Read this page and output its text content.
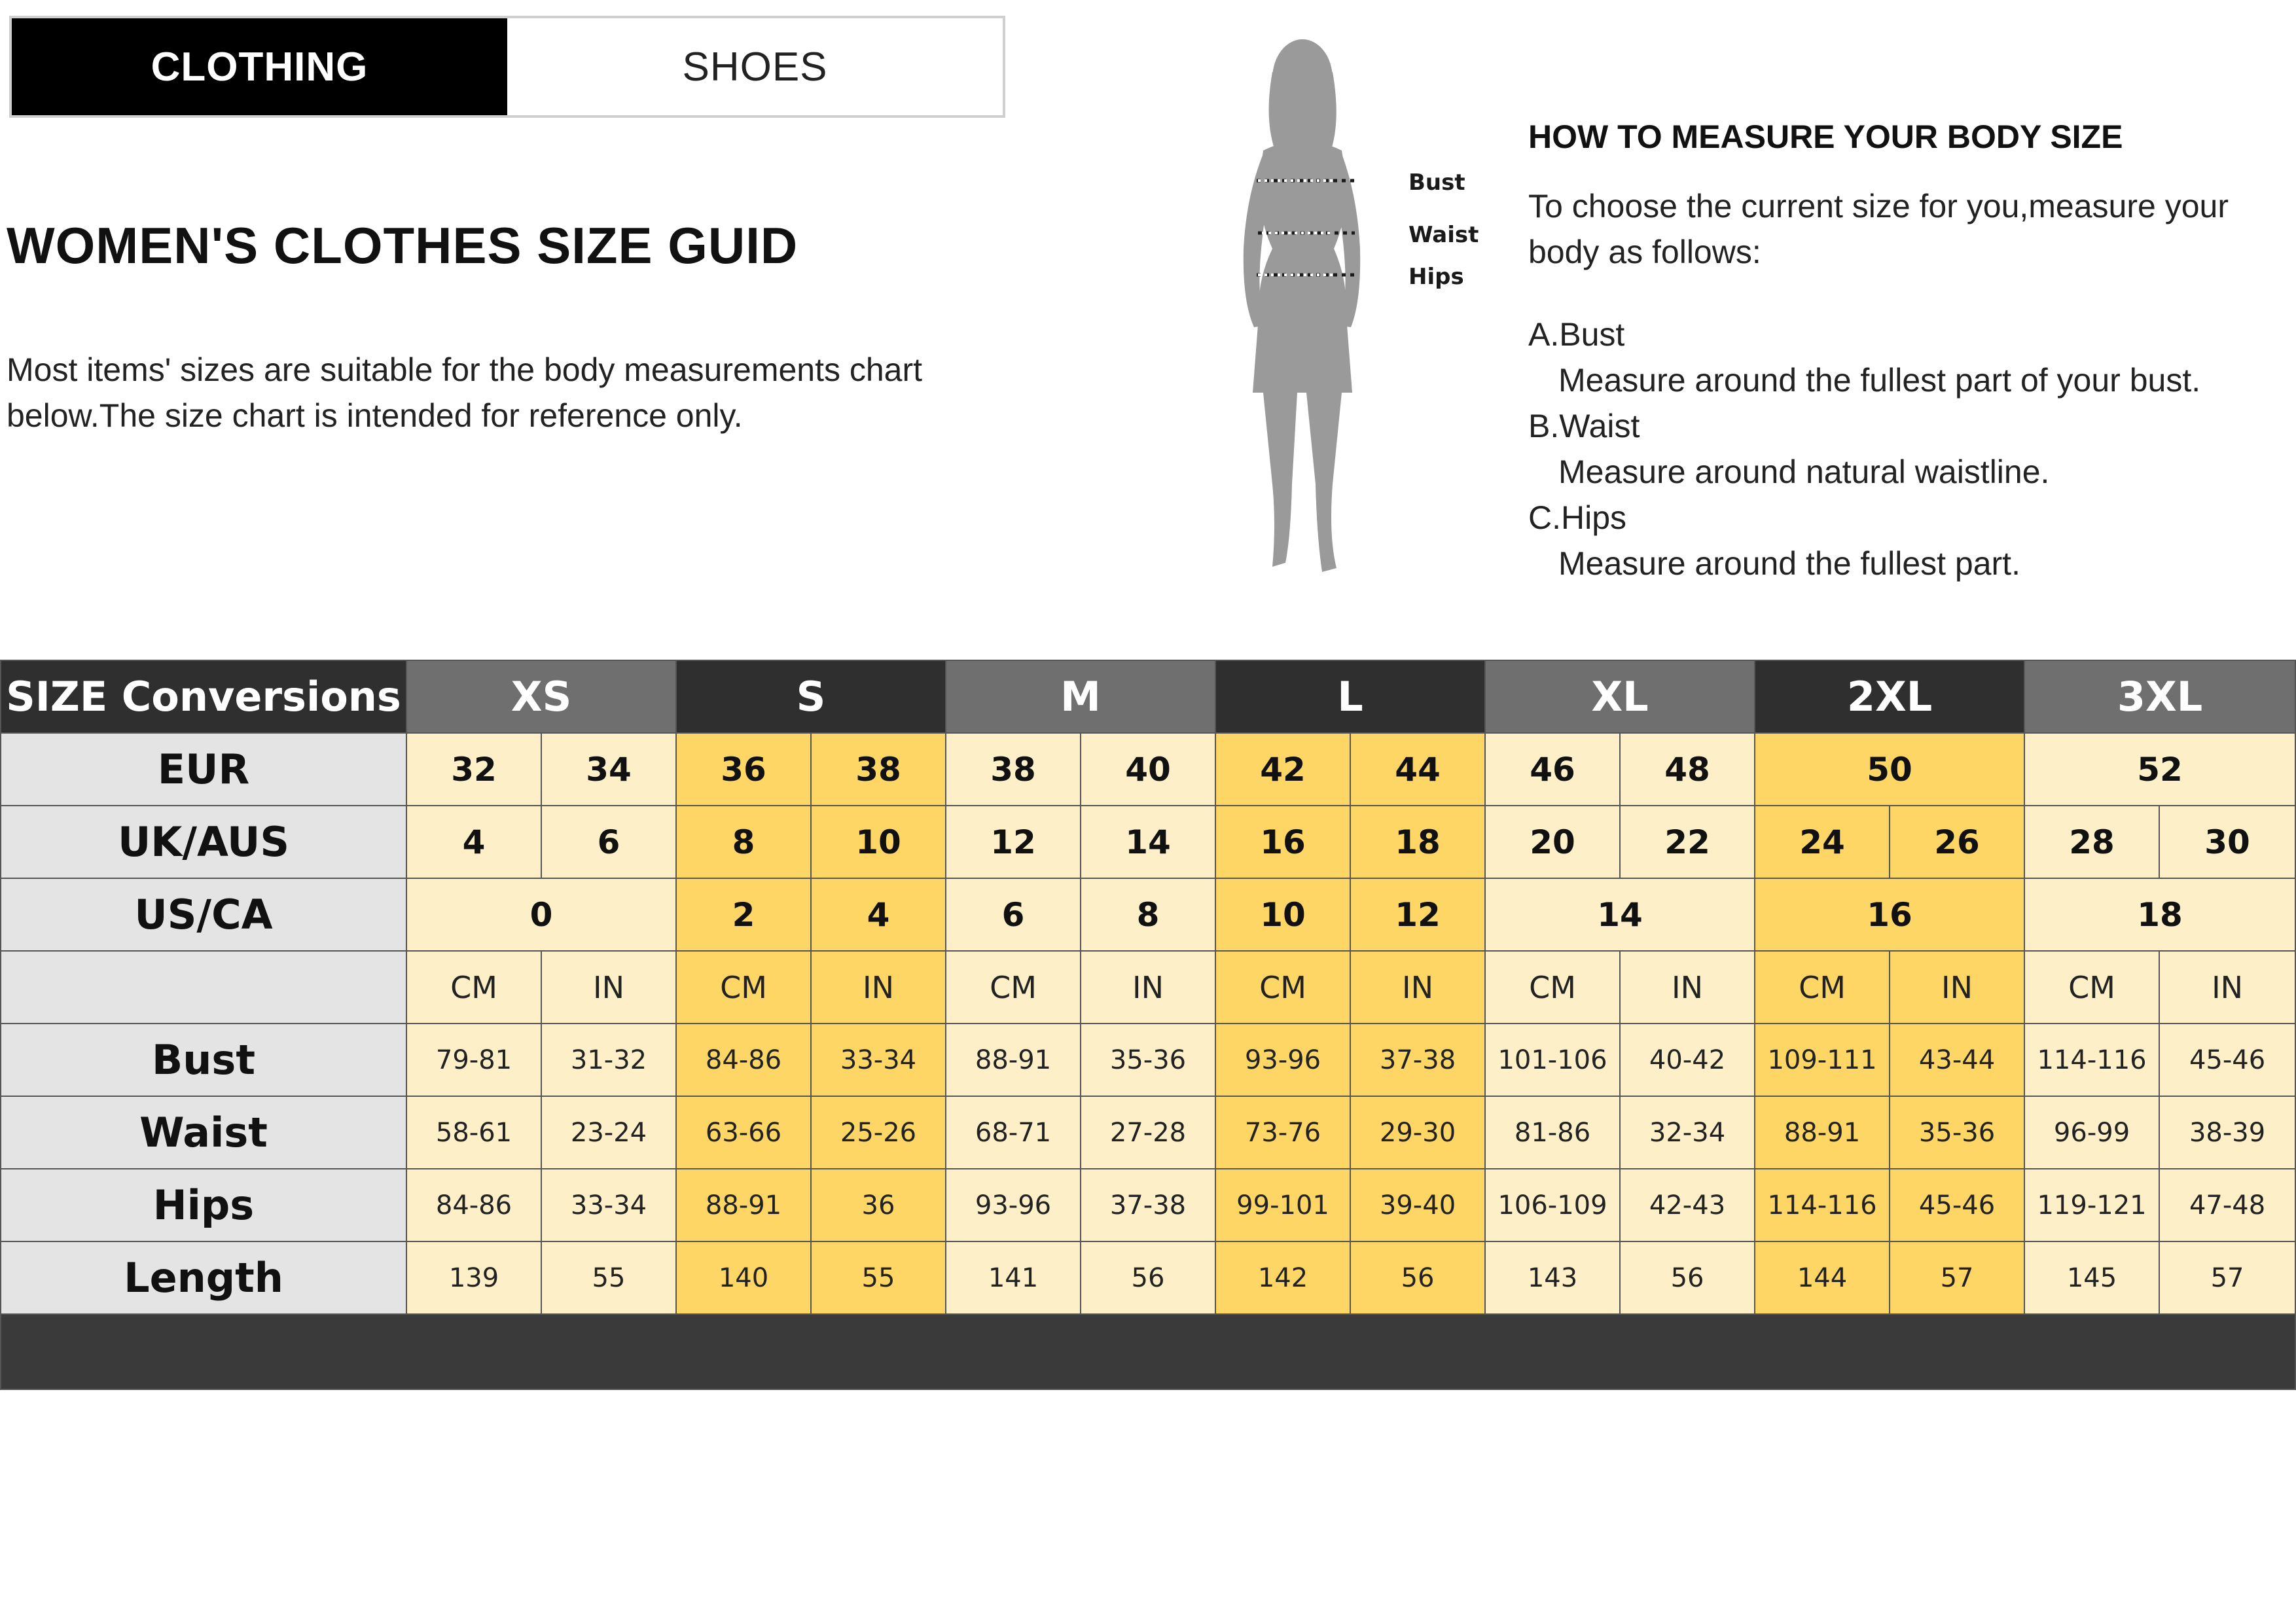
CLOTHING	SHOES
WOMEN'S CLOTHES SIZE GUID
Most items' sizes are suitable for the body measurements chart below.The size chart is intended for reference only.
Bust
Waist
Hips
HOW TO MEASURE YOUR BODY SIZE
To choose the current size for you,measure your body as follows:
A.Bust
Measure around the fullest part of your bust.
B.Waist
Measure around natural waistline.
C.Hips
Measure around the fullest part.
SIZE Conversions	XS		S		M		L		XL		2XL		3XL	
EUR	32	34	36	38	38	40	42	44	46	48	50		52	
UK/AUS	4	6	8	10	12	14	16	18	20	22	24	26	28	30
US/CA	0		2	4	6	8	10	12	14		16		18	
	CM	IN	CM	IN	CM	IN	CM	IN	CM	IN	CM	IN	CM	IN
Bust	79-81	31-32	84-86	33-34	88-91	35-36	93-96	37-38	101-106	40-42	109-111	43-44	114-116	45-46
Waist	58-61	23-24	63-66	25-26	68-71	27-28	73-76	29-30	81-86	32-34	88-91	35-36	96-99	38-39
Hips	84-86	33-34	88-91	36	93-96	37-38	99-101	39-40	106-109	42-43	114-116	45-46	119-121	47-48
Length	139	55	140	55	141	56	142	56	143	56	144	57	145	57
